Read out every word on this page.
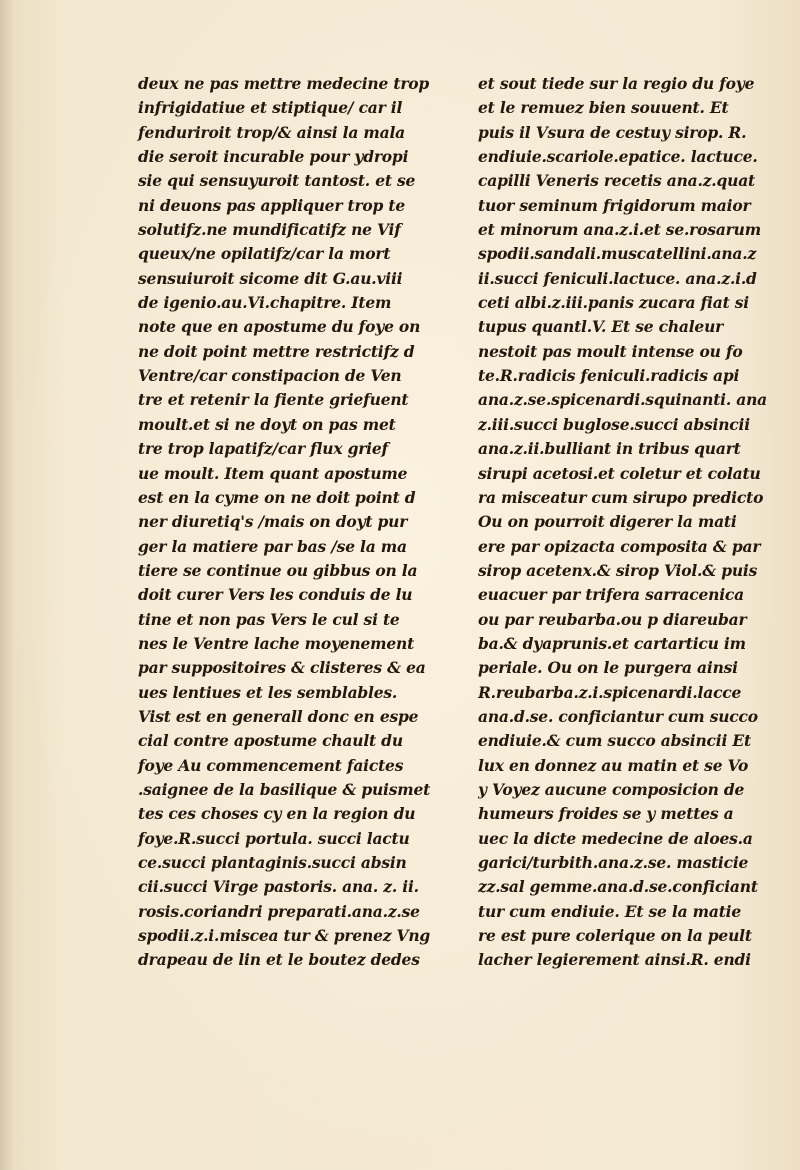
deux ne pas mettre medecine trop
infrigidatiue et stiptique/ car il
fenduriroit trop/& ainsi la mala
die seroit incurable pour ydropi
sie qui sensuyuroit tantost. et se
ni deuons pas appliquer trop te
solutifz.ne mundificatifz ne Vif
queux/ne opilatifz/car la mort
sensuiuroit sicome dit G.au.viii
de igenio.au.Vi.chapitre. Item
note que en apostume du foye on
ne doit point mettre restrictifz d
Ventre/car constipacion de Ven
tre et retenir la fiente griefuent
moult.et si ne doyt on pas met
tre trop lapatifz/car flux grief
ue moult. Item quant apostume
est en la cyme on ne doit point d
ner diuretiq's /mais on doyt pur
ger la matiere par bas /se la ma
tiere se continue ou gibbus on la
doit curer Vers les conduis de lu
tine et non pas Vers le cul si te
nes le Ventre lache moyenement
par suppositoires & clisteres & ea
ues lentiues et les semblables.
Vist est en generall donc en espe
cial contre apostume chault du
foye Au commencement faictes
.saignee de la basilique & puismet
tes ces choses cy en la region du
foye.R.succi portula. succi lactu
ce.succi plantaginis.succi absin
cii.succi Virge pastoris. ana. z. ii.
rosis.coriandri preparati.ana.z.se
spodii.z.i.miscea tur & prenez Vng
drapeau de lin et le boutez dedes
et sout tiede sur la regio du foye
et le remuez bien souuent. Et
puis il Vsura de cestuy sirop. R.
endiuie.scariole.epatice. lactuce.
capilli Veneris recetis ana.z.quat
tuor seminum frigidorum maior
et minorum ana.z.i.et se.rosarum
spodii.sandali.muscatellini.ana.z
ii.succi feniculi.lactuce. ana.z.i.d
ceti albi.z.iii.panis zucara fiat si
tupus quantl.V. Et se chaleur
nestoit pas moult intense ou fo
te.R.radicis feniculi.radicis api
ana.z.se.spicenardi.squinanti. ana
z.iii.succi buglose.succi absincii
ana.z.ii.bulliant in tribus quart
sirupi acetosi.et coletur et colatu
ra misceatur cum sirupo predicto
Ou on pourroit digerer la mati
ere par opizacta composita & par
sirop acetenx.& sirop Viol.& puis
euacuer par trifera sarracenica
ou par reubarba.ou p diareubar
ba.& dyaprunis.et cartarticu im
periale. Ou on le purgera ainsi
R.reubarba.z.i.spicenardi.lacce
ana.d.se. conficiantur cum succo
endiuie.& cum succo absincii Et
lux en donnez au matin et se Vo
y Voyez aucune composicion de
humeurs froides se y mettes a
uec la dicte medecine de aloes.a
garici/turbith.ana.z.se. masticie
zz.sal gemme.ana.d.se.conficiant
tur cum endiuie. Et se la matie
re est pure colerique on la peult
lacher legierement ainsi.R. endi
